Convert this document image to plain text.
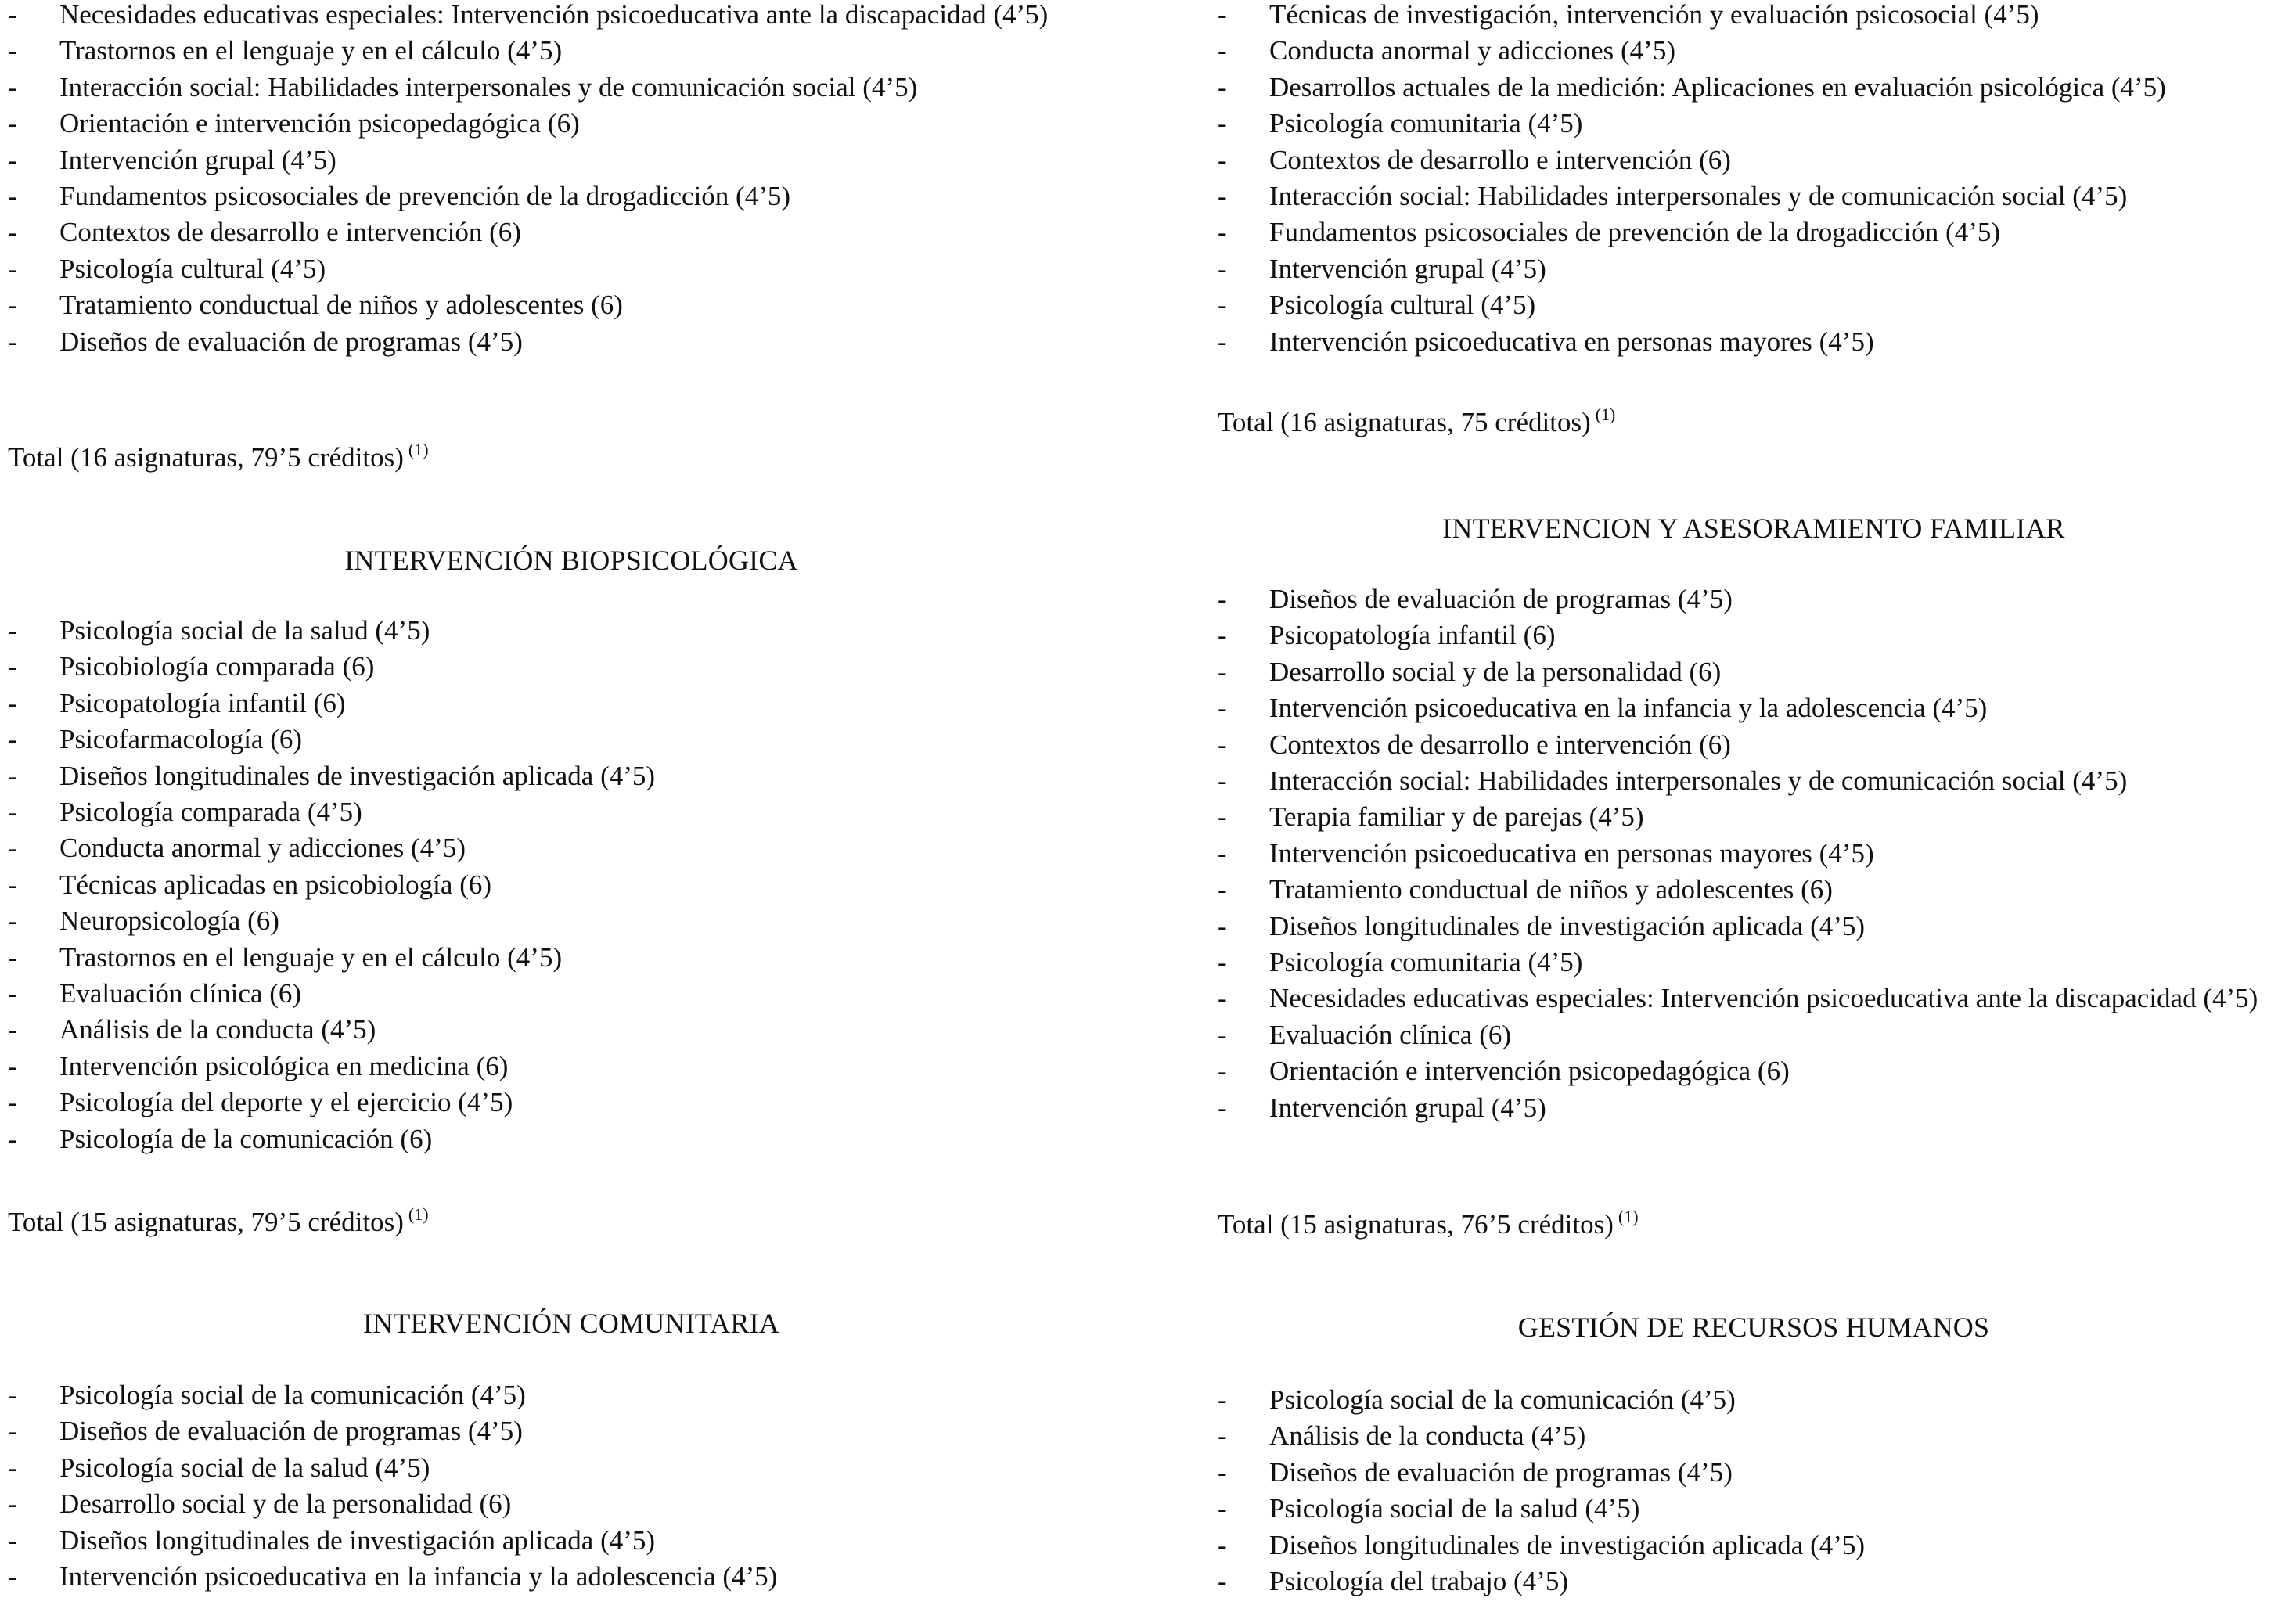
- Necesidades educativas especiales: Intervención psicoeducativa ante la discapacidad (4’5)
- Trastornos en el lenguaje y en el cálculo (4’5)
- Interacción social: Habilidades interpersonales y de comunicación social (4’5)
- Orientación e intervención psicopedagógica (6)
- Intervención grupal (4’5)
- Fundamentos psicosociales de prevención de la drogadicción (4’5)
- Contextos de desarrollo e intervención (6)
- Psicología cultural (4’5)
- Tratamiento conductual de niños y adolescentes (6)
- Diseños de evaluación de programas (4’5)
Total (16 asignaturas, 79’5 créditos) $^{(1)}$
INTERVENCIÓN BIOPSICOLÓGICA
- Psicología social de la salud (4’5)
- Psicobiología comparada (6)
- Psicopatología infantil (6)
- Psicofarmacología (6)
- Diseños longitudinales de investigación aplicada (4’5)
- Psicología comparada (4’5)
- Conducta anormal y adicciones (4’5)
- Técnicas aplicadas en psicobiología (6)
- Neuropsicología (6)
- Trastornos en el lenguaje y en el cálculo (4’5)
- Evaluación clínica (6)
- Análisis de la conducta (4’5)
- Intervención psicológica en medicina (6)
- Psicología del deporte y el ejercicio (4’5)
- Psicología de la comunicación (6)
Total (15 asignaturas, 79’5 créditos) $^{(1)}$
INTERVENCIÓN COMUNITARIA
- Psicología social de la comunicación (4’5)
- Diseños de evaluación de programas (4’5)
- Psicología social de la salud (4’5)
- Desarrollo social y de la personalidad (6)
- Diseños longitudinales de investigación aplicada (4’5)
- Intervención psicoeducativa en la infancia y la adolescencia (4’5)
- Técnicas de investigación, intervención y evaluación psicosocial (4’5)
- Conducta anormal y adicciones (4’5)
- Desarrollos actuales de la medición: Aplicaciones en evaluación psicológica (4’5)
- Psicología comunitaria (4’5)
- Contextos de desarrollo e intervención (6)
- Interacción social: Habilidades interpersonales y de comunicación social (4’5)
- Fundamentos psicosociales de prevención de la drogadicción (4’5)
- Intervención grupal (4’5)
- Psicología cultural (4’5)
- Intervención psicoeducativa en personas mayores (4’5)
Total (16 asignaturas, 75 créditos) $^{(1)}$
INTERVENCION Y ASESORAMIENTO FAMILIAR
- Diseños de evaluación de programas (4’5)
- Psicopatología infantil (6)
- Desarrollo social y de la personalidad (6)
- Intervención psicoeducativa en la infancia y la adolescencia (4’5)
- Contextos de desarrollo e intervención (6)
- Interacción social: Habilidades interpersonales y de comunicación social (4’5)
- Terapia familiar y de parejas (4’5)
- Intervención psicoeducativa en personas mayores (4’5)
- Tratamiento conductual de niños y adolescentes (6)
- Diseños longitudinales de investigación aplicada (4’5)
- Psicología comunitaria (4’5)
- Necesidades educativas especiales: Intervención psicoeducativa ante la discapacidad (4’5)
- Evaluación clínica (6)
- Orientación e intervención psicopedagógica (6)
- Intervención grupal (4’5)
Total (15 asignaturas, 76’5 créditos) $^{(1)}$
GESTIÓN DE RECURSOS HUMANOS
- Psicología social de la comunicación (4’5)
- Análisis de la conducta (4’5)
- Diseños de evaluación de programas (4’5)
- Psicología social de la salud (4’5)
- Diseños longitudinales de investigación aplicada (4’5)
- Psicología del trabajo (4’5)
